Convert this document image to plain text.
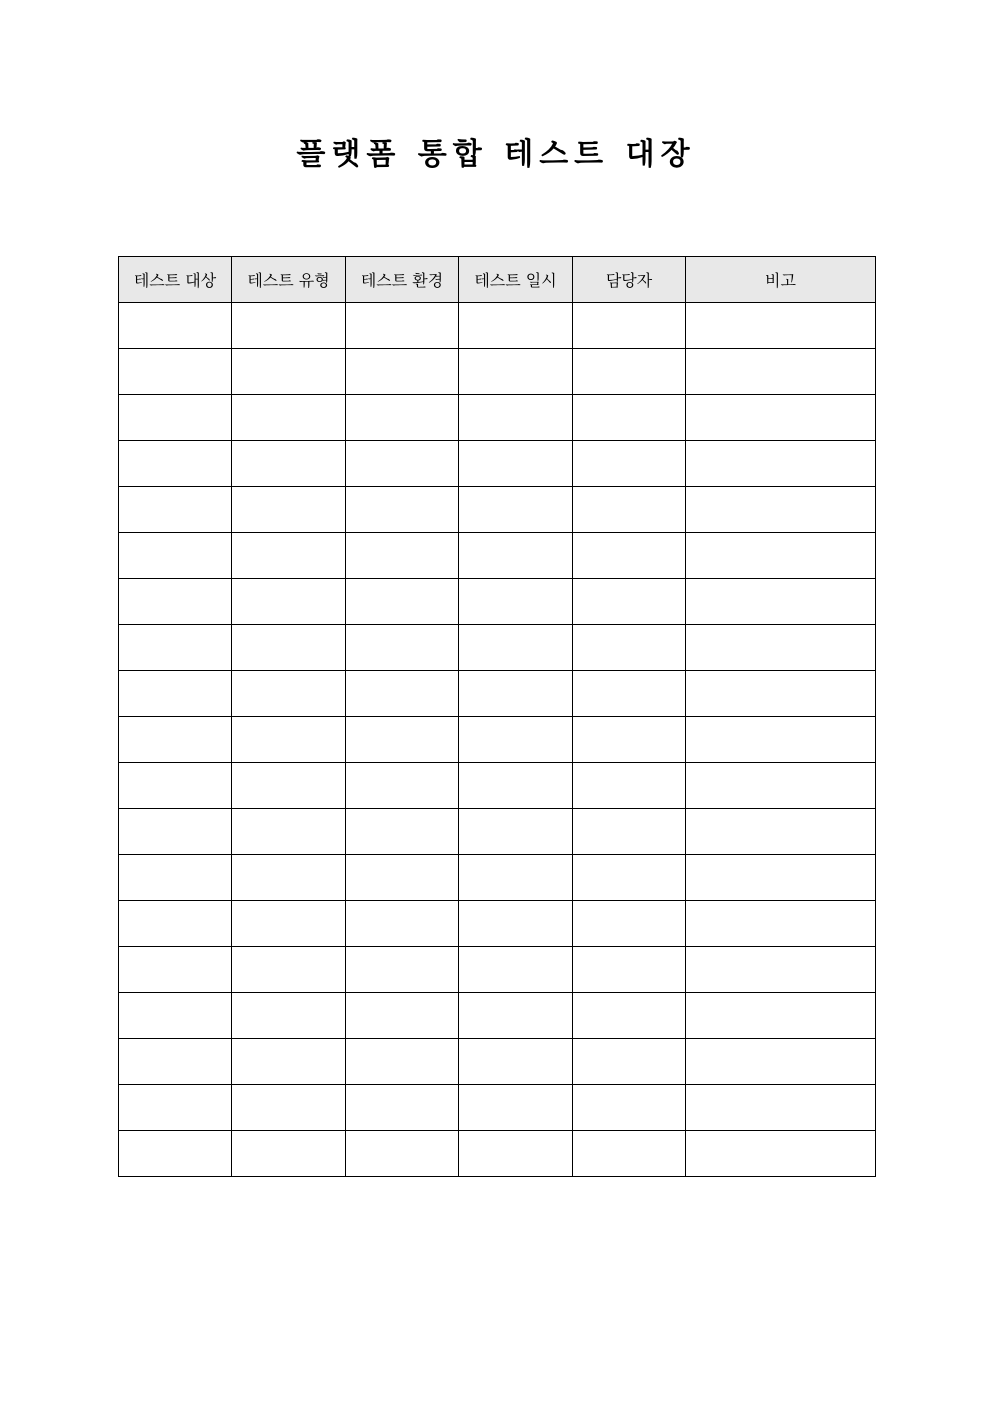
플랫폼 통합 테스트 대장
테스트 대상	테스트 유형	테스트 환경	테스트 일시	담당자	비고
